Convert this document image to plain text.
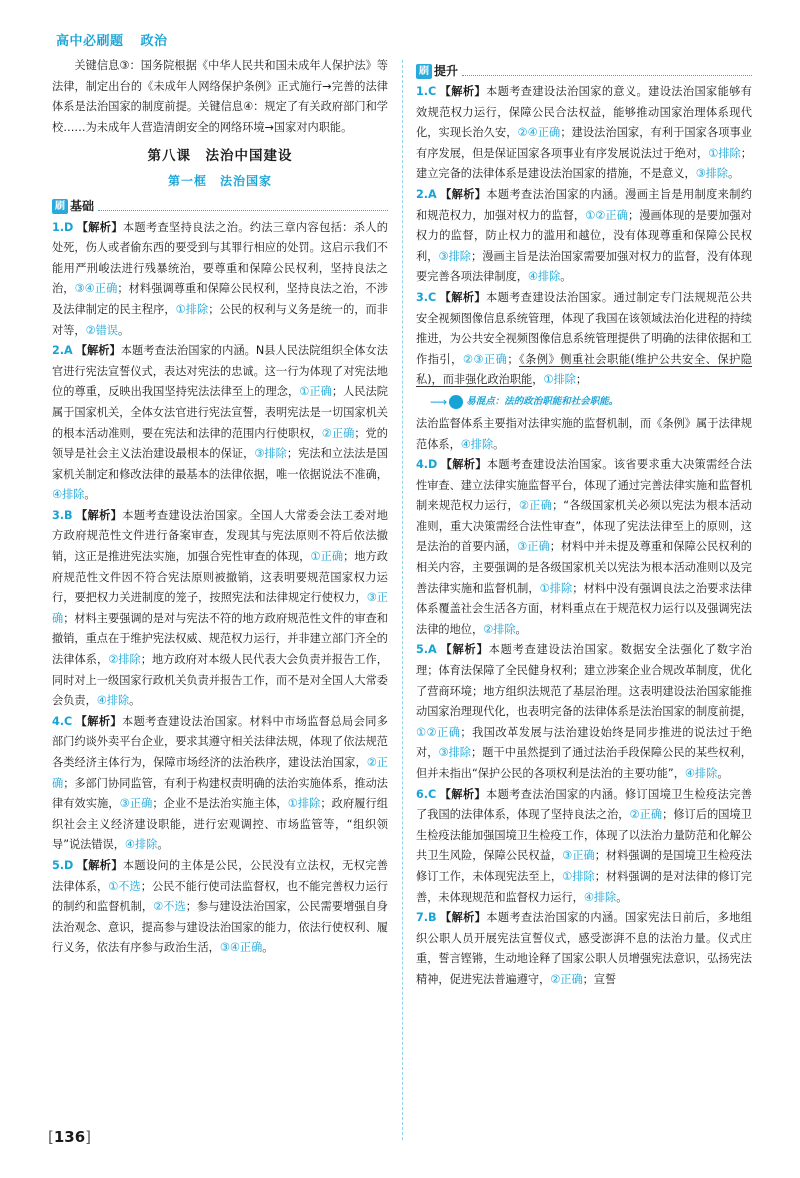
高中必刷题 政治

关键信息③：国务院根据《中华人民共和国未成年人保护法》等法律，制定出台的《未成年人网络保护条例》正式施行→完善的法律体系是法治国家的制度前提。关键信息④：规定了有关政府部门和学校……为未成年人营造清朗安全的网络环境→国家对内职能。

第八课　法治中国建设
第一框　法治国家
刷 基础

1.D 【解析】本题考查坚持良法之治。约法三章内容包括：杀人的处死，伤人或者偷东西的要受到与其罪行相应的处罚。这启示我们不能用严刑峻法进行残暴统治，要尊重和保障公民权利，坚持良法之治，③④正确；材料强调尊重和保障公民权利，坚持良法之治，不涉及法律制定的民主程序，①排除；公民的权利与义务是统一的，而非对等，②错误。

2.A 【解析】本题考查法治国家的内涵。N县人民法院组织全体女法官进行宪法宣誓仪式，表达对宪法的忠诚。这一行为体现了对宪法地位的尊重，反映出我国坚持宪法法律至上的理念，①正确；人民法院属于国家机关，全体女法官进行宪法宣誓，表明宪法是一切国家机关的根本活动准则，要在宪法和法律的范围内行使职权，②正确；党的领导是社会主义法治建设最根本的保证，③排除；宪法和立法法是国家机关制定和修改法律的最基本的法律依据，唯一依据说法不准确，④排除。

3.B 【解析】本题考查建设法治国家。全国人大常委会法工委对地方政府规范性文件进行备案审查，发现其与宪法原则不符后依法撤销，这正是推进宪法实施，加强合宪性审查的体现，①正确；地方政府规范性文件因不符合宪法原则被撤销，这表明要规范国家权力运行，要把权力关进制度的笼子，按照宪法和法律规定行使权力，③正确；材料主要强调的是对与宪法不符的地方政府规范性文件的审查和撤销，重点在于维护宪法权威、规范权力运行，并非建立部门齐全的法律体系，②排除；地方政府对本级人民代表大会负责并报告工作，同时对上一级国家行政机关负责并报告工作，而不是对全国人大常委会负责，④排除。

4.C 【解析】本题考查建设法治国家。材料中市场监督总局会同多部门约谈外卖平台企业，要求其遵守相关法律法规，体现了依法规范各类经济主体行为，保障市场经济的法治秩序，建设法治国家，②正确；多部门协同监管，有利于构建权责明确的法治实施体系，推动法律有效实施，③正确；企业不是法治实施主体，①排除；政府履行组织社会主义经济建设职能，进行宏观调控、市场监管等，“组织领导”说法错误，④排除。

5.D 【解析】本题设问的主体是公民，公民没有立法权，无权完善法律体系，①不选；公民不能行使司法监督权，也不能完善权力运行的制约和监督机制，②不选；参与建设法治国家，公民需要增强自身法治观念、意识，提高参与建设法治国家的能力，依法行使权利、履行义务，依法有序参与政治生活，③④正确。

刷 提升

1.C 【解析】本题考查建设法治国家的意义。建设法治国家能够有效规范权力运行，保障公民合法权益，能够推动国家治理体系现代化，实现长治久安，②④正确；建设法治国家，有利于国家各项事业有序发展，但是保证国家各项事业有序发展说法过于绝对，①排除；建立完备的法律体系是建设法治国家的措施，不是意义，③排除。

2.A 【解析】本题考查法治国家的内涵。漫画主旨是用制度来制约和规范权力，加强对权力的监督，①②正确；漫画体现的是要加强对权力的监督，防止权力的滥用和越位，没有体现尊重和保障公民权利，③排除；漫画主旨是法治国家需要加强对权力的监督，没有体现要完善各项法律制度，④排除。

3.C 【解析】本题考查建设法治国家。通过制定专门法规规范公共安全视频图像信息系统管理，体现了我国在该领域法治化进程的持续推进，为公共安全视频图像信息系统管理提供了明确的法律依据和工作指引，②③正确；《条例》侧重社会职能(维护公共安全、保护隐私)，而非强化政治职能，①排除；

⟶ 易混点：法的政治职能和社会职能。

法治监督体系主要指对法律实施的监督机制，而《条例》属于法律规范体系，④排除。

4.D 【解析】本题考查建设法治国家。该省要求重大决策需经合法性审查、建立法律实施监督平台，体现了通过完善法律实施和监督机制来规范权力运行，②正确；“各级国家机关必须以宪法为根本活动准则，重大决策需经合法性审查”，体现了宪法法律至上的原则，这是法治的首要内涵，③正确；材料中并未提及尊重和保障公民权利的相关内容，主要强调的是各级国家机关以宪法为根本活动准则以及完善法律实施和监督机制，①排除；材料中没有强调良法之治要求法律体系覆盖社会生活各方面，材料重点在于规范权力运行以及强调宪法法律的地位，②排除。

5.A 【解析】本题考查建设法治国家。数据安全法强化了数字治理；体育法保障了全民健身权利；建立涉案企业合规改革制度，优化了营商环境；地方组织法规范了基层治理。这表明建设法治国家能推动国家治理现代化，也表明完备的法律体系是法治国家的制度前提，①②正确；我国改革发展与法治建设始终是同步推进的说法过于绝对，③排除；题干中虽然提到了通过法治手段保障公民的某些权利，但并未指出“保护公民的各项权利是法治的主要功能”，④排除。

6.C 【解析】本题考查法治国家的内涵。修订国境卫生检疫法完善了我国的法律体系，体现了坚持良法之治，②正确；修订后的国境卫生检疫法能加强国境卫生检疫工作，体现了以法治力量防范和化解公共卫生风险，保障公民权益，③正确；材料强调的是国境卫生检疫法修订工作，未体现宪法至上，①排除；材料强调的是对法律的修订完善，未体现规范和监督权力运行，④排除。

7.B 【解析】本题考查法治国家的内涵。国家宪法日前后，多地组织公职人员开展宪法宣誓仪式，感受澎湃不息的法治力量。仪式庄重，誓言铿锵，生动地诠释了国家公职人员增强宪法意识，弘扬宪法精神，促进宪法普遍遵守，②正确；宣誓

[136]
